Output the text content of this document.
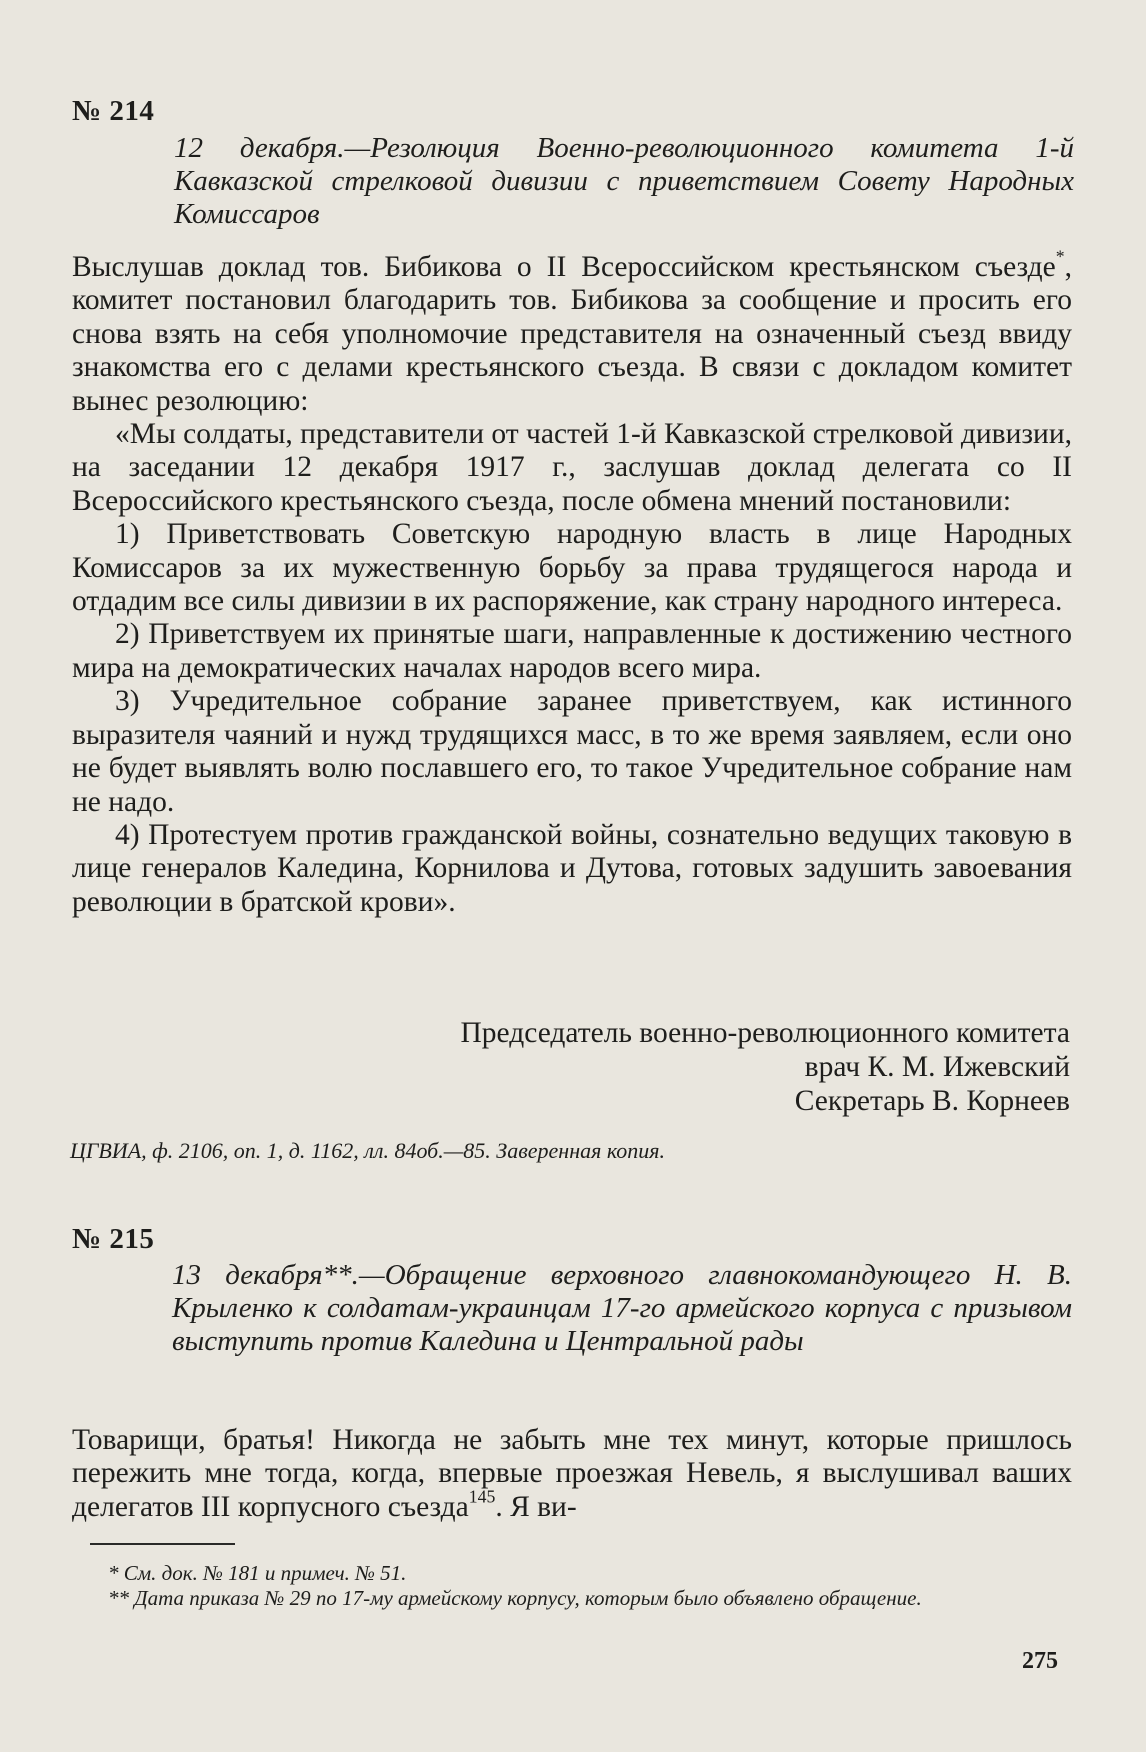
№ 214
12 декабря.—Резолюция Военно-революционного комитета 1-й Кавказской стрелковой дивизии с приветствием Совету Народных Комиссаров

Выслушав доклад тов. Бибикова о II Всероссийском крестьянском съезде*, комитет постановил благодарить тов. Бибикова за сообщение и просить его снова взять на себя уполномочие представителя на означенный съезд ввиду знакомства его с делами крестьянского съезда. В связи с докладом комитет вынес резолюцию:

«Мы солдаты, представители от частей 1-й Кавказской стрелковой дивизии, на заседании 12 декабря 1917 г., заслушав доклад делегата со II Всероссийского крестьянского съезда, после обмена мнений постановили:

1) Приветствовать Советскую народную власть в лице Народных Комиссаров за их мужественную борьбу за права трудящегося народа и отдадим все силы дивизии в их распоряжение, как страну народного интереса.

2) Приветствуем их принятые шаги, направленные к достижению честного мира на демократических началах народов всего мира.

3) Учредительное собрание заранее приветствуем, как истинного выразителя чаяний и нужд трудящихся масс, в то же время заявляем, если оно не будет выявлять волю пославшего его, то такое Учредительное собрание нам не надо.

4) Протестуем против гражданской войны, сознательно ведущих таковую в лице генералов Каледина, Корнилова и Дутова, готовых задушить завоевания революции в братской крови».

Председатель военно-революционного комитета
врач К. М. Ижевский
Секретарь В. Корнеев
ЦГВИА, ф. 2106, оп. 1, д. 1162, лл. 84об.—85. Заверенная копия.
№ 215
13 декабря**.—Обращение верховного главнокомандующего Н. В. Крыленко к солдатам-украинцам 17-го армейского корпуса с призывом выступить против Каледина и Центральной рады

Товарищи, братья! Никогда не забыть мне тех минут, которые пришлось пережить мне тогда, когда, впервые проезжая Невель, я выслушивал ваших делегатов III корпусного съезда$^{145}$. Я ви-

* См. док. № 181 и примеч. № 51.

** Дата приказа № 29 по 17-му армейскому корпусу, которым было объявлено обращение.

275
